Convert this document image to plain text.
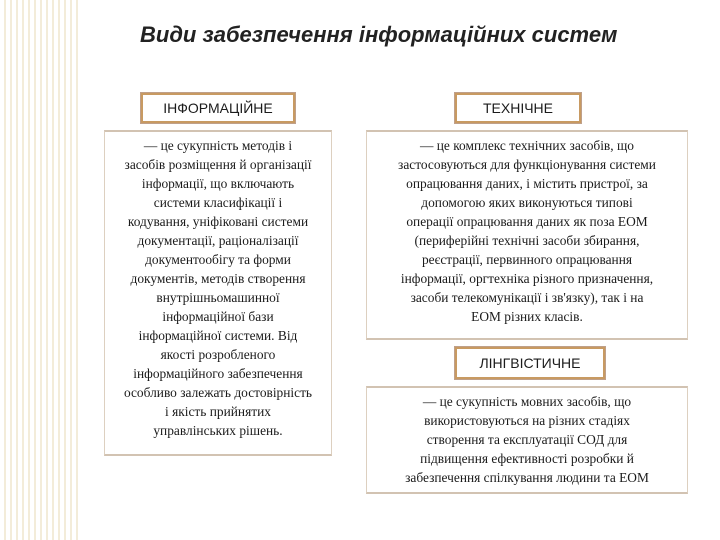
Види забезпечення інформаційних систем
ІНФОРМАЦІЙНЕ	ТЕХНІЧНЕ
— це сукупність методів і
засобів розміщення й організації
інформації, що включають
системи класифікації і
кодування, уніфіковані системи
документації, раціоналізації
документообігу та форми
документів, методів створення
внутрішньомашинної
інформаційної бази
інформаційної системи. Від
якості розробленого
інформаційного забезпечення
особливо залежать достовірність
і якість прийнятих
управлінських рішень.
— це комплекс технічних засобів, що
застосовуються для функціонування системи
опрацювання даних, і містить пристрої, за
допомогою яких виконуються типові
операції опрацювання даних як поза ЕОМ
(периферійні технічні засоби збирання,
реєстрації, первинного опрацювання
інформації, оргтехніка різного призначення,
засоби телекомунікації і зв'язку), так і на
ЕОМ різних класів.
ЛІНГВІСТИЧНЕ
— це сукупність мовних засобів, що
використовуються на різних стадіях
створення та експлуатації СОД для
підвищення ефективності розробки й
забезпечення спілкування людини та ЕОМ
